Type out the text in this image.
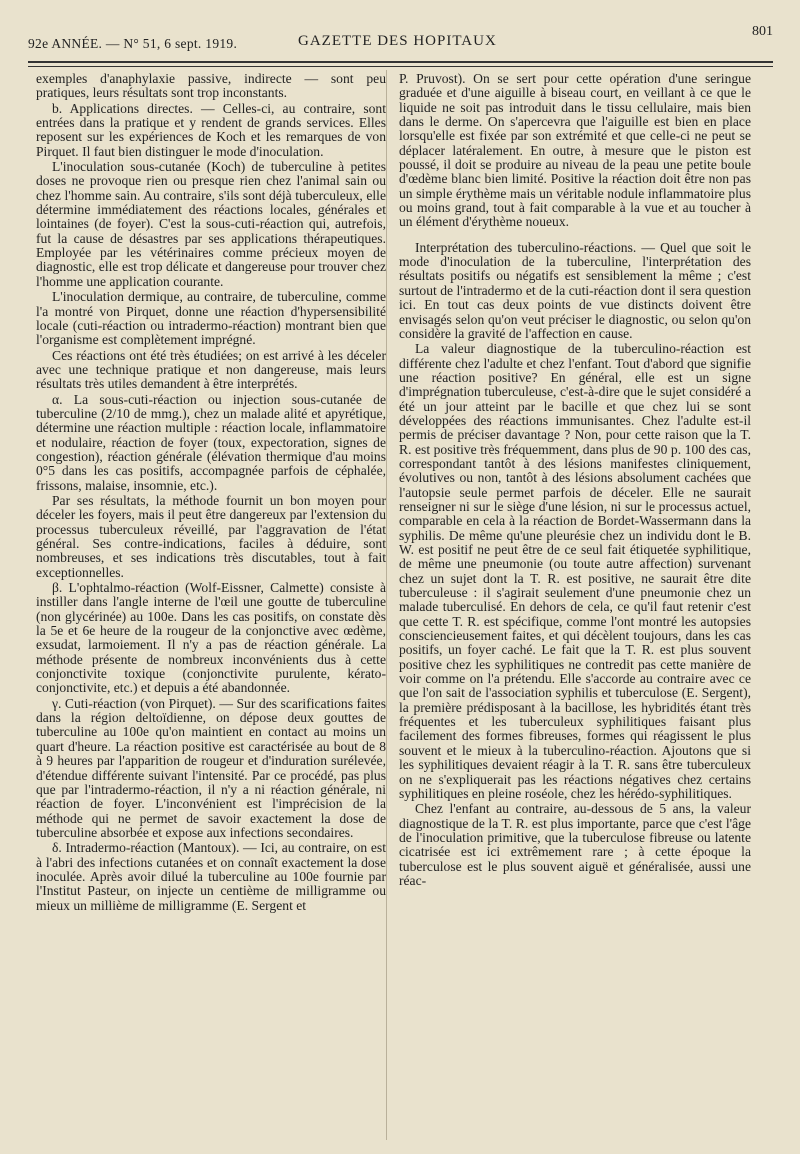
92e ANNÉE. — N° 51, 6 sept. 1919.	GAZETTE DES HOPITAUX
801

exemples d'anaphylaxie passive, indirecte — sont peu pratiques, leurs résultats sont trop inconstants.

b. Applications directes. — Celles-ci, au contraire, sont entrées dans la pratique et y rendent de grands services. Elles reposent sur les expériences de Koch et les remarques de von Pirquet. Il faut bien distinguer le mode d'inoculation.

L'inoculation sous-cutanée (Koch) de tuberculine à petites doses ne provoque rien ou presque rien chez l'animal sain ou chez l'homme sain. Au contraire, s'ils sont déjà tuberculeux, elle détermine immédiatement des réactions locales, générales et lointaines (de foyer). C'est la sous-cuti-réaction qui, autrefois, fut la cause de désastres par ses applications thérapeutiques. Employée par les vétérinaires comme précieux moyen de diagnostic, elle est trop délicate et dangereuse pour trouver chez l'homme une application courante.

L'inoculation dermique, au contraire, de tuberculine, comme l'a montré von Pirquet, donne une réaction d'hypersensibilité locale (cuti-réaction ou intradermo-réaction) montrant bien que l'organisme est complètement imprégné.

Ces réactions ont été très étudiées; on est arrivé à les déceler avec une technique pratique et non dangereuse, mais leurs résultats très utiles demandent à être interprétés.

α. La sous-cuti-réaction ou injection sous-cutanée de tuberculine (2/10 de mmg.), chez un malade alité et apyrétique, détermine une réaction multiple : réaction locale, inflammatoire et nodulaire, réaction de foyer (toux, expectoration, signes de congestion), réaction générale (élévation thermique d'au moins 0°5 dans les cas positifs, accompagnée parfois de céphalée, frissons, malaise, insomnie, etc.).

Par ses résultats, la méthode fournit un bon moyen pour déceler les foyers, mais il peut être dangereux par l'extension du processus tuberculeux réveillé, par l'aggravation de l'état général. Ses contre-indications, faciles à déduire, sont nombreuses, et ses indications très discutables, tout à fait exceptionnelles.

β. L'ophtalmo-réaction (Wolf-Eissner, Calmette) consiste à instiller dans l'angle interne de l'œil une goutte de tuberculine (non glycérinée) au 100e. Dans les cas positifs, on constate dès la 5e et 6e heure de la rougeur de la conjonctive avec œdème, exsudat, larmoiement. Il n'y a pas de réaction générale. La méthode présente de nombreux inconvénients dus à cette conjonctivite toxique (conjonctivite purulente, kérato-conjonctivite, etc.) et depuis a été abandonnée.

γ. Cuti-réaction (von Pirquet). — Sur des scarifications faites dans la région deltoïdienne, on dépose deux gouttes de tuberculine au 100e qu'on maintient en contact au moins un quart d'heure. La réaction positive est caractérisée au bout de 8 à 9 heures par l'apparition de rougeur et d'induration surélevée, d'étendue différente suivant l'intensité. Par ce procédé, pas plus que par l'intradermo-réaction, il n'y a ni réaction générale, ni réaction de foyer. L'inconvénient est l'imprécision de la méthode qui ne permet de savoir exactement la dose de tuberculine absorbée et expose aux infections secondaires.

δ. Intradermo-réaction (Mantoux). — Ici, au contraire, on est à l'abri des infections cutanées et on connaît exactement la dose inoculée. Après avoir dilué la tuberculine au 100e fournie par l'Institut Pasteur, on injecte un centième de milligramme ou mieux un millième de milligramme (E. Sergent et

P. Pruvost). On se sert pour cette opération d'une seringue graduée et d'une aiguille à biseau court, en veillant à ce que le liquide ne soit pas introduit dans le tissu cellulaire, mais bien dans le derme. On s'apercevra que l'aiguille est bien en place lorsqu'elle est fixée par son extrémité et que celle-ci ne peut se déplacer latéralement. En outre, à mesure que le piston est poussé, il doit se produire au niveau de la peau une petite boule d'œdème blanc bien limité. Positive la réaction doit être non pas un simple érythème mais un véritable nodule inflammatoire plus ou moins grand, tout à fait comparable à la vue et au toucher à un élément d'érythème noueux.

Interprétation des tuberculino-réactions. — Quel que soit le mode d'inoculation de la tuberculine, l'interprétation des résultats positifs ou négatifs est sensiblement la même ; c'est surtout de l'intradermo et de la cuti-réaction dont il sera question ici. En tout cas deux points de vue distincts doivent être envisagés selon qu'on veut préciser le diagnostic, ou selon qu'on considère la gravité de l'affection en cause.

La valeur diagnostique de la tuberculino-réaction est différente chez l'adulte et chez l'enfant. Tout d'abord que signifie une réaction positive? En général, elle est un signe d'imprégnation tuberculeuse, c'est-à-dire que le sujet considéré a été un jour atteint par le bacille et que chez lui se sont développées des réactions immunisantes. Chez l'adulte est-il permis de préciser davantage ? Non, pour cette raison que la T. R. est positive très fréquemment, dans plus de 90 p. 100 des cas, correspondant tantôt à des lésions manifestes cliniquement, évolutives ou non, tantôt à des lésions absolument cachées que l'autopsie seule permet parfois de déceler. Elle ne saurait renseigner ni sur le siège d'une lésion, ni sur le processus actuel, comparable en cela à la réaction de Bordet-Wassermann dans la syphilis. De même qu'une pleurésie chez un individu dont le B. W. est positif ne peut être de ce seul fait étiquetée syphilitique, de même une pneumonie (ou toute autre affection) survenant chez un sujet dont la T. R. est positive, ne saurait être dite tuberculeuse : il s'agirait seulement d'une pneumonie chez un malade tuberculisé. En dehors de cela, ce qu'il faut retenir c'est que cette T. R. est spécifique, comme l'ont montré les autopsies consciencieusement faites, et qui décèlent toujours, dans les cas positifs, un foyer caché. Le fait que la T. R. est plus souvent positive chez les syphilitiques ne contredit pas cette manière de voir comme on l'a prétendu. Elle s'accorde au contraire avec ce que l'on sait de l'association syphilis et tuberculose (E. Sergent), la première prédisposant à la bacillose, les hybridités étant très fréquentes et les tuberculeux syphilitiques faisant plus facilement des formes fibreuses, formes qui réagissent le plus souvent et le mieux à la tuberculino-réaction. Ajoutons que si les syphilitiques devaient réagir à la T. R. sans être tuberculeux on ne s'expliquerait pas les réactions négatives chez certains syphilitiques en pleine roséole, chez les hérédo-syphilitiques.

Chez l'enfant au contraire, au-dessous de 5 ans, la valeur diagnostique de la T. R. est plus importante, parce que c'est l'âge de l'inoculation primitive, que la tuberculose fibreuse ou latente cicatrisée est ici extrêmement rare ; à cette époque la tuberculose est le plus souvent aiguë et généralisée, aussi une réac-
